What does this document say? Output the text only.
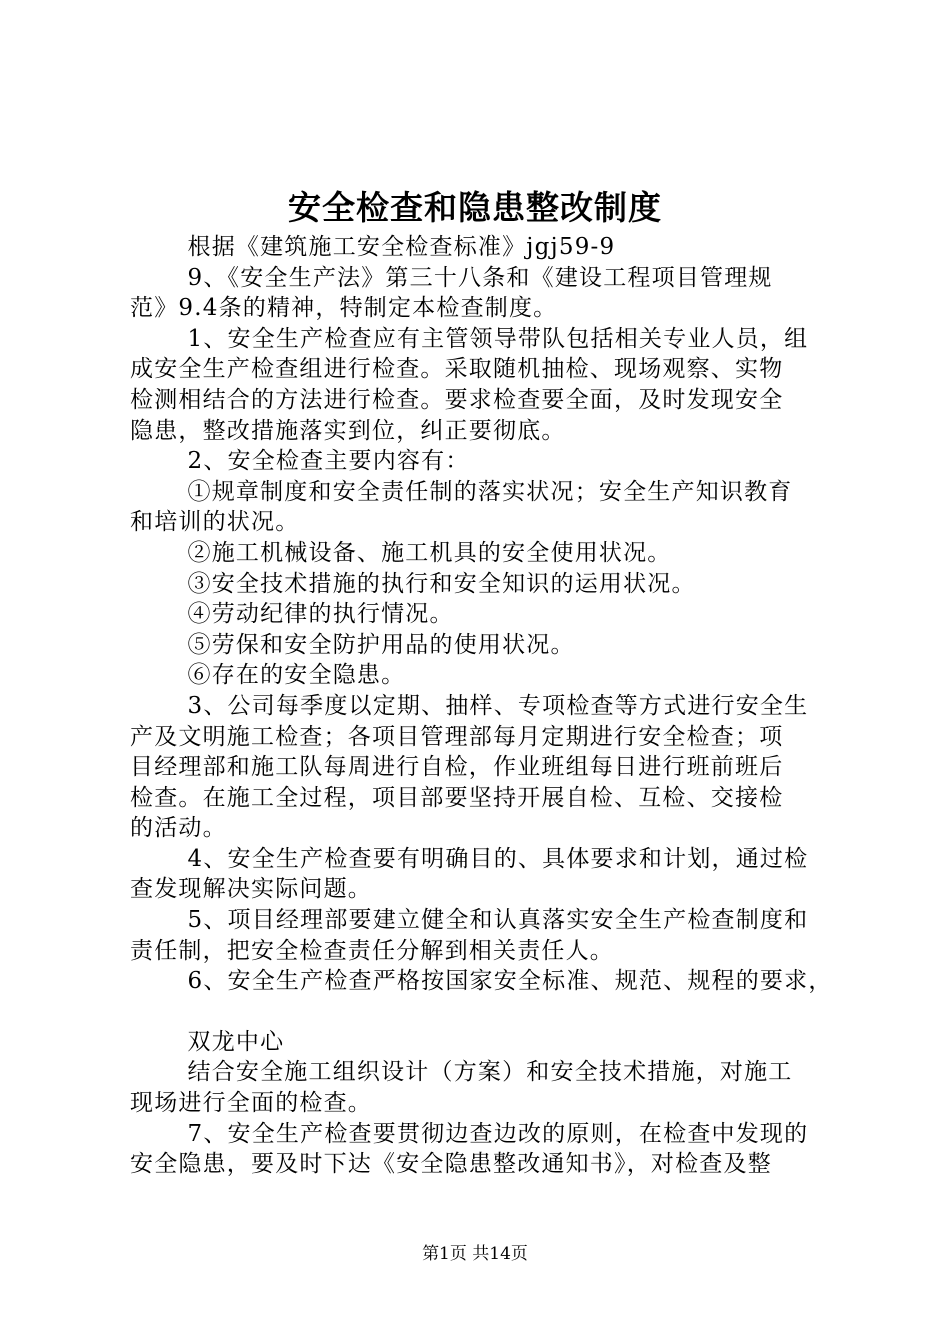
安全检查和隐患整改制度
根据《建筑施工安全检查标准》jgj59-9
9、《安全生产法》第三十八条和《建设工程项目管理规
范》9.4条的精神，特制定本检查制度。
1、安全生产检查应有主管领导带队包括相关专业人员，组
成安全生产检查组进行检查。采取随机抽检、现场观察、实物
检测相结合的方法进行检查。要求检查要全面，及时发现安全
隐患，整改措施落实到位，纠正要彻底。
2、安全检查主要内容有：
①规章制度和安全责任制的落实状况；安全生产知识教育
和培训的状况。
②施工机械设备、施工机具的安全使用状况。
③安全技术措施的执行和安全知识的运用状况。
④劳动纪律的执行情况。
⑤劳保和安全防护用品的使用状况。
⑥存在的安全隐患。
3、公司每季度以定期、抽样、专项检查等方式进行安全生
产及文明施工检查；各项目管理部每月定期进行安全检查；项
目经理部和施工队每周进行自检，作业班组每日进行班前班后
检查。在施工全过程，项目部要坚持开展自检、互检、交接检
的活动。
4、安全生产检查要有明确目的、具体要求和计划，通过检
查发现解决实际问题。
5、项目经理部要建立健全和认真落实安全生产检查制度和
责任制，把安全检查责任分解到相关责任人。
6、安全生产检查严格按国家安全标准、规范、规程的要求，
双龙中心
结合安全施工组织设计（方案）和安全技术措施，对施工
现场进行全面的检查。
7、安全生产检查要贯彻边查边改的原则，在检查中发现的
安全隐患，要及时下达《安全隐患整改通知书》，对检查及整
第1页 共14页
